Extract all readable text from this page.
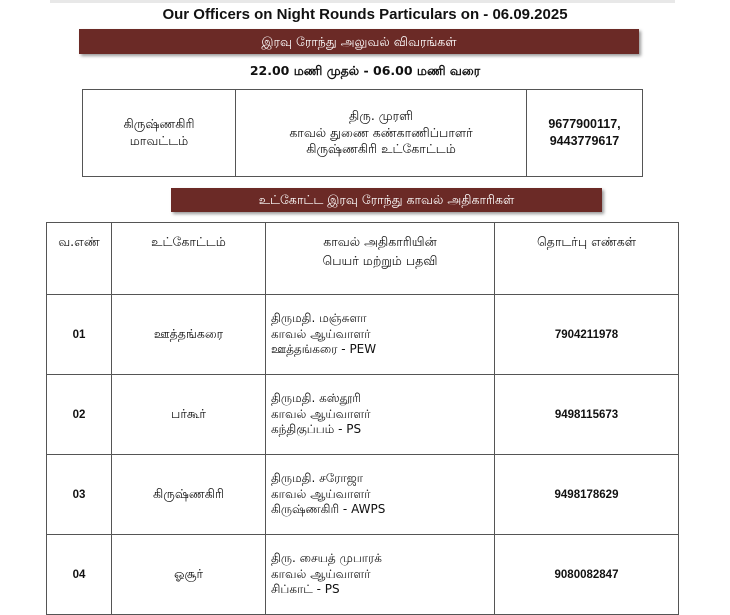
Our Officers on Night Rounds Particulars on - 06.09.2025
இரவு ரோந்து அலுவல் விவரங்கள்
22.00 மணி முதல் - 06.00 மணி வரை
கிருஷ்ணகிரி
மாவட்டம்

திரு. முரளி
காவல் துணை கண்காணிப்பாளர்
கிருஷ்ணகிரி உட்கோட்டம்

9677900117,
9443779617
உட்கோட்ட இரவு ரோந்து காவல் அதிகாரிகள்
வ.எண்	உட்கோட்டம்	காவல் அதிகாரியின்
பெயர் மற்றும் பதவி	தொடர்பு எண்கள்
01	ஊத்தங்கரை	திருமதி. மஞ்சுளா
காவல் ஆய்வாளர்
ஊத்தங்கரை - PEW	7904211978
02	பர்கூர்	திருமதி. கஸ்தூரி
காவல் ஆய்வாளர்
கந்திகுப்பம் - PS	9498115673
03	கிருஷ்ணகிரி	திருமதி. சரோஜா
காவல் ஆய்வாளர்
கிருஷ்ணகிரி - AWPS	9498178629
04	ஓசூர்	திரு. சையத் முபாரக்
காவல் ஆய்வாளர்
சிப்காட் - PS	9080082847
